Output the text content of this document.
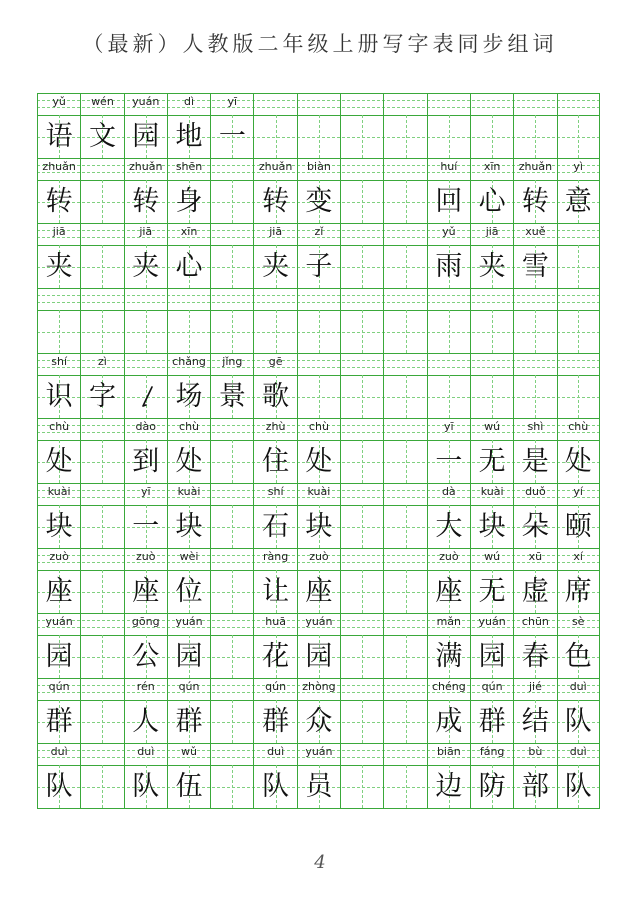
（最新）人教版二年级上册写字表同步组词
yǔ
语
wén
文
yuán
园
dì
地
yī
一
zhuǎn
转
zhuǎn
转
shēn
身
zhuǎn
转
biàn
变
huí
回
xīn
心
zhuǎn
转
yì
意
jiā
夹
jiā
夹
xīn
心
jiā
夹
zǐ
子
yǔ
雨
jiā
夹
xuě
雪
shí
识
zì
字
chǎng
场
jǐng
景
gē
歌
chù
处
dào
到
chù
处
zhù
住
chù
处
yī
一
wú
无
shì
是
chù
处
kuài
块
yī
一
kuài
块
shí
石
kuài
块
dà
大
kuài
块
duǒ
朵
yí
颐
zuò
座
zuò
座
wèi
位
ràng
让
zuò
座
zuò
座
wú
无
xū
虚
xí
席
yuán
园
gōng
公
yuán
园
huā
花
yuán
园
mǎn
满
yuán
园
chūn
春
sè
色
qún
群
rén
人
qún
群
qún
群
zhòng
众
chéng
成
qún
群
jié
结
duì
队
duì
队
duì
队
wǔ
伍
duì
队
yuán
员
biān
边
fáng
防
bù
部
duì
队
4
